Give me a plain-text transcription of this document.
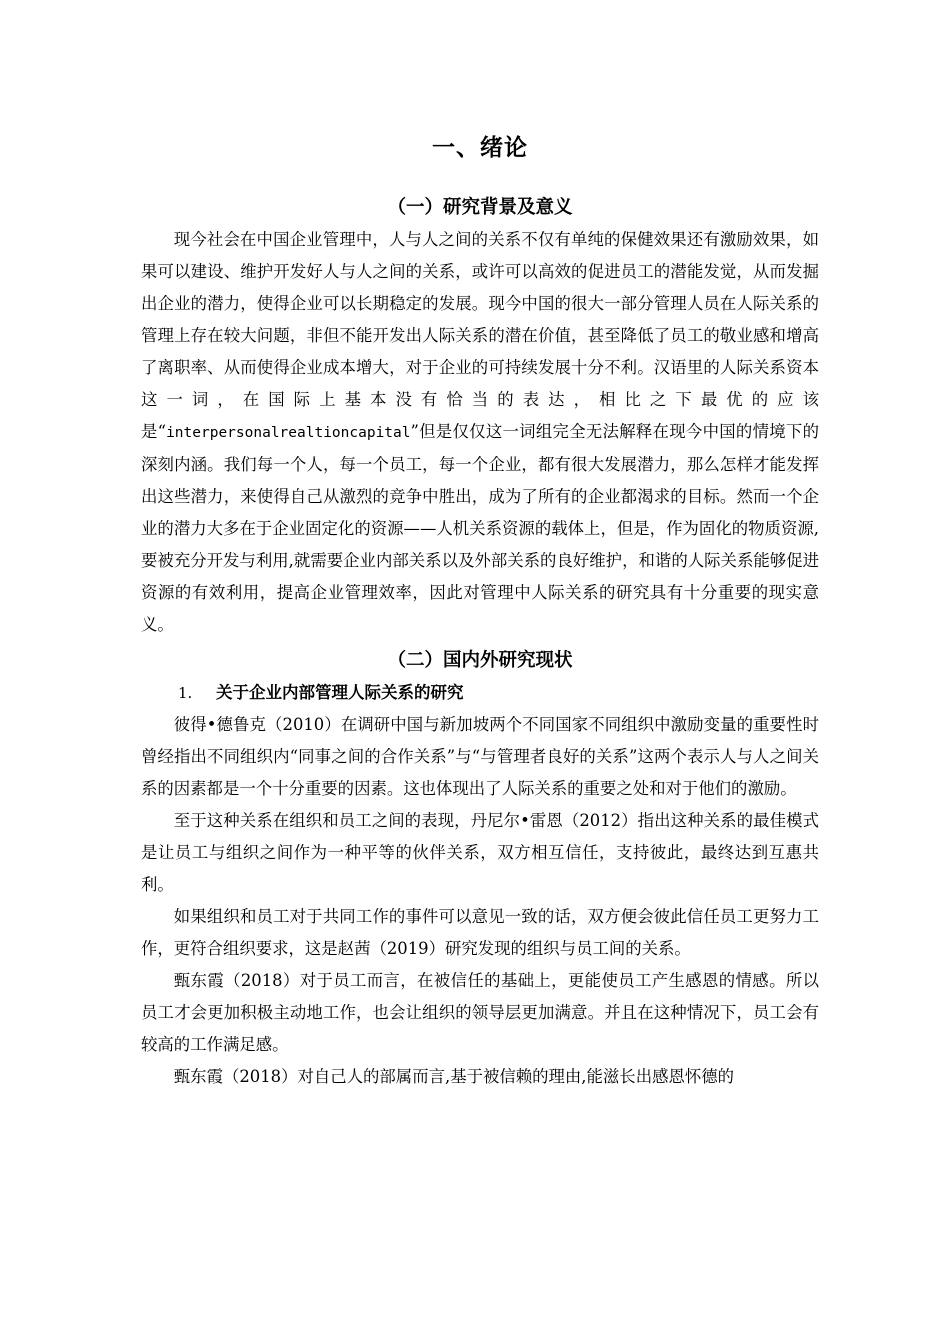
一、绪论
（一）研究背景及意义

现今社会在中国企业管理中，人与人之间的关系不仅有单纯的保健效果还有激励效果，如果可以建设、维护开发好人与人之间的关系，或许可以高效的促进员工的潜能发觉，从而发掘出企业的潜力，使得企业可以长期稳定的发展。现今中国的很大一部分管理人员在人际关系的管理上存在较大问题，非但不能开发出人际关系的潜在价值，甚至降低了员工的敬业感和增高了离职率、从而使得企业成本增大，对于企业的可持续发展十分不利。汉语里的人际关系资本这一词，在国际上基本没有恰当的表达，相比之下最优的应该是“interpersonalrealtioncapital”但是仅仅这一词组完全无法解释在现今中国的情境下的深刻内涵。我们每一个人，每一个员工，每一个企业，都有很大发展潜力，那么怎样才能发挥出这些潜力，来使得自己从激烈的竞争中胜出，成为了所有的企业都渴求的目标。然而一个企业的潜力大多在于企业固定化的资源——人机关系资源的载体上，但是，作为固化的物质资源,要被充分开发与利用,就需要企业内部关系以及外部关系的良好维护，和谐的人际关系能够促进资源的有效利用，提高企业管理效率，因此对管理中人际关系的研究具有十分重要的现实意义。

（二）国内外研究现状
1. 关于企业内部管理人际关系的研究

彼得•德鲁克（2010）在调研中国与新加坡两个不同国家不同组织中激励变量的重要性时曾经指出不同组织内“同事之间的合作关系”与“与管理者良好的关系”这两个表示人与人之间关系的因素都是一个十分重要的因素。这也体现出了人际关系的重要之处和对于他们的激励。

至于这种关系在组织和员工之间的表现，丹尼尔•雷恩（2012）指出这种关系的最佳模式是让员工与组织之间作为一种平等的伙伴关系，双方相互信任，支持彼此，最终达到互惠共利。

如果组织和员工对于共同工作的事件可以意见一致的话，双方便会彼此信任员工更努力工作，更符合组织要求，这是赵茜（2019）研究发现的组织与员工间的关系。

甄东霞（2018）对于员工而言，在被信任的基础上，更能使员工产生感恩的情感。所以员工才会更加积极主动地工作，也会让组织的领导层更加满意。并且在这种情况下，员工会有较高的工作满足感。

甄东霞（2018）对自己人的部属而言,基于被信赖的理由,能滋长出感恩怀德的
